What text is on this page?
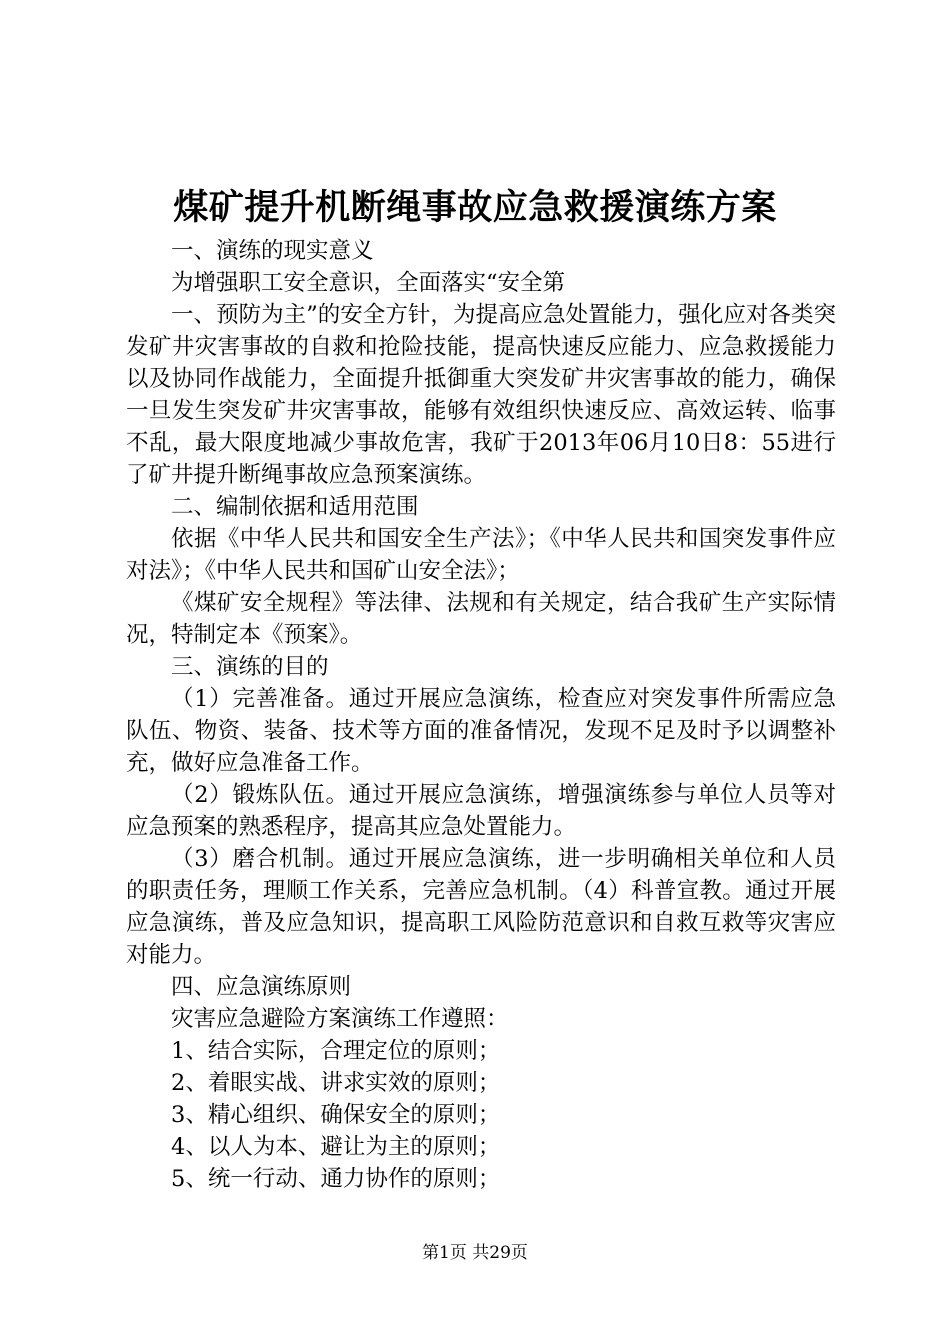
煤矿提升机断绳事故应急救援演练方案

一、演练的现实意义

为增强职工安全意识，全面落实“安全第

一、预防为主”的安全方针，为提高应急处置能力，强化应对各类突发矿井灾害事故的自救和抢险技能，提高快速反应能力、应急救援能力以及协同作战能力，全面提升抵御重大突发矿井灾害事故的能力，确保一旦发生突发矿井灾害事故，能够有效组织快速反应、高效运转、临事不乱，最大限度地减少事故危害，我矿于2013年06月10日8：55进行了矿井提升断绳事故应急预案演练。

二、编制依据和适用范围

依据《中华人民共和国安全生产法》；《中华人民共和国突发事件应对法》；《中华人民共和国矿山安全法》；

《煤矿安全规程》等法律、法规和有关规定，结合我矿生产实际情况，特制定本《预案》。

三、演练的目的

（1）完善准备。通过开展应急演练，检查应对突发事件所需应急队伍、物资、装备、技术等方面的准备情况，发现不足及时予以调整补充，做好应急准备工作。

（2）锻炼队伍。通过开展应急演练，增强演练参与单位人员等对应急预案的熟悉程序，提高其应急处置能力。

（3）磨合机制。通过开展应急演练，进一步明确相关单位和人员的职责任务，理顺工作关系，完善应急机制。（4）科普宣教。通过开展应急演练，普及应急知识，提高职工风险防范意识和自救互救等灾害应对能力。

四、应急演练原则

灾害应急避险方案演练工作遵照：

1、结合实际，合理定位的原则；

2、着眼实战、讲求实效的原则；

3、精心组织、确保安全的原则；

4、以人为本、避让为主的原则；

5、统一行动、通力协作的原则；

第1页 共29页
